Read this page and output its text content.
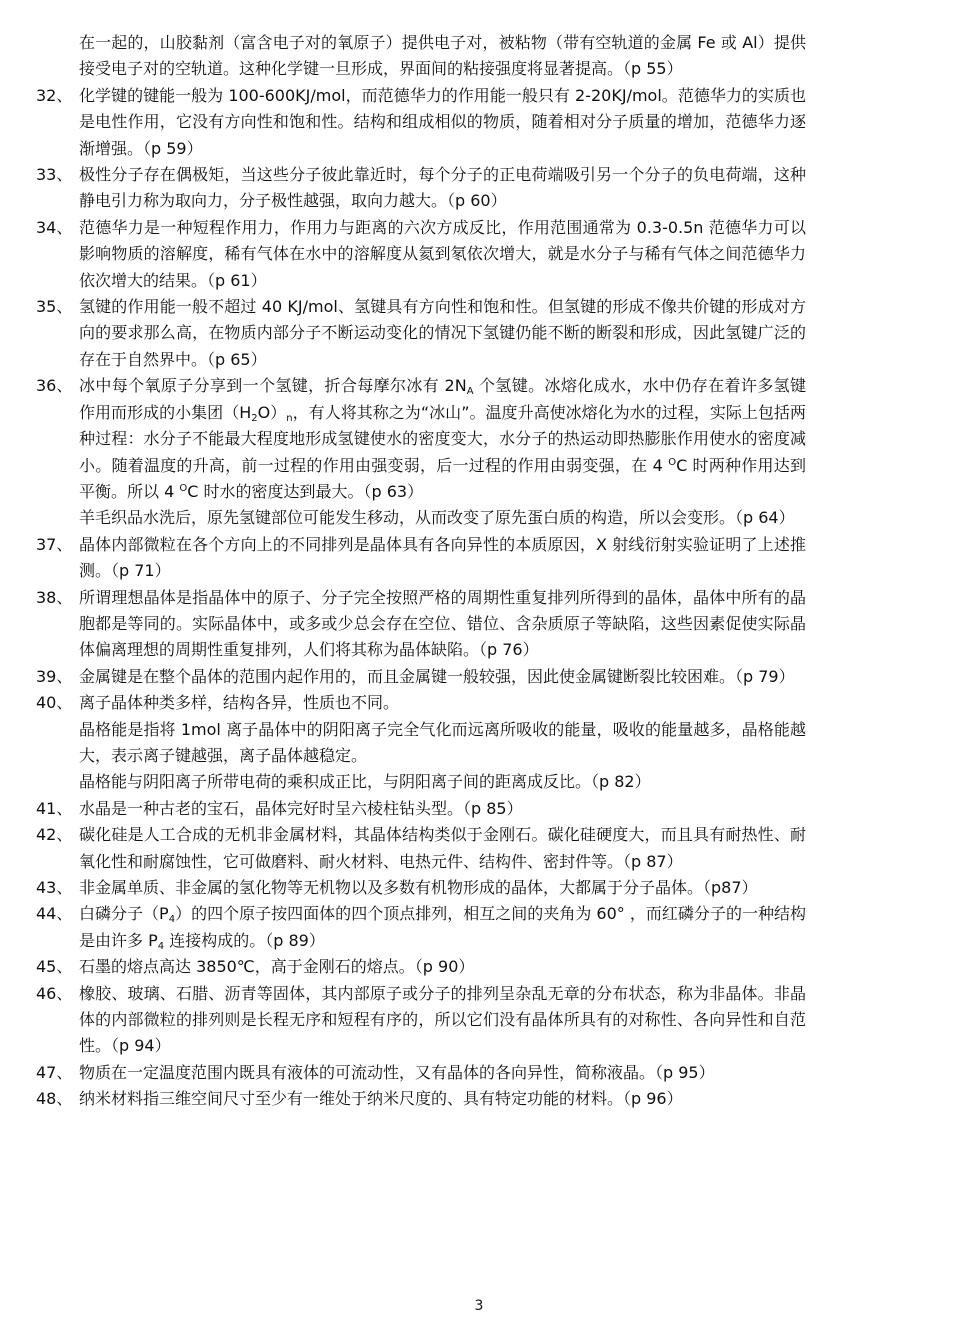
在一起的，山胶黏剂（富含电子对的氧原子）提供电子对，被粘物（带有空轨道的金属 Fe 或 Al）提供接受电子对的空轨道。这种化学键一旦形成，界面间的粘接强度将显著提高。（p 55）
32、 化学键的键能一般为 100-600KJ/mol，而范德华力的作用能一般只有 2-20KJ/mol。范德华力的实质也是电性作用，它没有方向性和饱和性。结构和组成相似的物质，随着相对分子质量的增加，范德华力逐渐增强。（p 59）
33、 极性分子存在偶极矩，当这些分子彼此靠近时，每个分子的正电荷端吸引另一个分子的负电荷端，这种静电引力称为取向力，分子极性越强，取向力越大。（p 60）
34、 范德华力是一种短程作用力，作用力与距离的六次方成反比，作用范围通常为 0.3-0.5n 范德华力可以影响物质的溶解度，稀有气体在水中的溶解度从氦到氡依次增大，就是水分子与稀有气体之间范德华力依次增大的结果。（p 61）
35、 氢键的作用能一般不超过 40 KJ/mol、氢键具有方向性和饱和性。但氢键的形成不像共价键的形成对方向的要求那么高，在物质内部分子不断运动变化的情况下氢键仍能不断的断裂和形成，因此氢键广泛的存在于自然界中。（p 65）
36、 冰中每个氧原子分享到一个氢键，折合每摩尔冰有 $2N_A$ 个氢键。冰熔化成水，水中仍存在着许多氢键作用而形成的小集团$(H_2O)_n$，有人将其称之为“冰山”。温度升高使冰熔化为水的过程，实际上包括两种过程：水分子不能最大程度地形成氢键使水的密度变大，水分子的热运动即热膨胀作用使水的密度减小。随着温度的升高，前一过程的作用由强变弱，后一过程的作用由弱变强，在 4 $^O$C 时两种作用达到平衡。所以 4 $^O$C 时水的密度达到最大。（p 63）

羊毛织品水洗后，原先氢键部位可能发生移动，从而改变了原先蛋白质的构造，所以会变形。（p 64）

37、 晶体内部微粒在各个方向上的不同排列是晶体具有各向异性的本质原因，X 射线衍射实验证明了上述推测。（p 71）
38、 所谓理想晶体是指晶体中的原子、分子完全按照严格的周期性重复排列所得到的晶体，晶体中所有的晶胞都是等同的。实际晶体中，或多或少总会存在空位、错位、含杂质原子等缺陷，这些因素促使实际晶体偏离理想的周期性重复排列，人们将其称为晶体缺陷。（p 76）
39、 金属键是在整个晶体的范围内起作用的，而且金属键一般较强，因此使金属键断裂比较困难。（p 79）
40、 离子晶体种类多样，结构各异，性质也不同。

晶格能是指将 1mol 离子晶体中的阴阳离子完全气化而远离所吸收的能量，吸收的能量越多，晶格能越大，表示离子键越强，离子晶体越稳定。

晶格能与阴阳离子所带电荷的乘积成正比，与阴阳离子间的距离成反比。（p 82）

41、 水晶是一种古老的宝石，晶体完好时呈六棱柱钻头型。（p 85）
42、 碳化硅是人工合成的无机非金属材料，其晶体结构类似于金刚石。碳化硅硬度大，而且具有耐热性、耐氧化性和耐腐蚀性，它可做磨料、耐火材料、电热元件、结构件、密封件等。（p 87）
43、 非金属单质、非金属的氢化物等无机物以及多数有机物形成的晶体，大都属于分子晶体。（p87）
44、 白磷分子$(P_4)$的四个原子按四面体的四个顶点排列，相互之间的夹角为 60° ，而红磷分子的一种结构是由许多 $P_4$ 连接构成的。（p 89）
45、 石墨的熔点高达 3850℃，高于金刚石的熔点。（p 90）
46、 橡胶、玻璃、石腊、沥青等固体，其内部原子或分子的排列呈杂乱无章的分布状态，称为非晶体。非晶体的内部微粒的排列则是长程无序和短程有序的，所以它们没有晶体所具有的对称性、各向异性和自范性。（p 94）
47、 物质在一定温度范围内既具有液体的可流动性，又有晶体的各向异性，简称液晶。（p 95）
48、 纳米材料指三维空间尺寸至少有一维处于纳米尺度的、具有特定功能的材料。（p 96）
3
